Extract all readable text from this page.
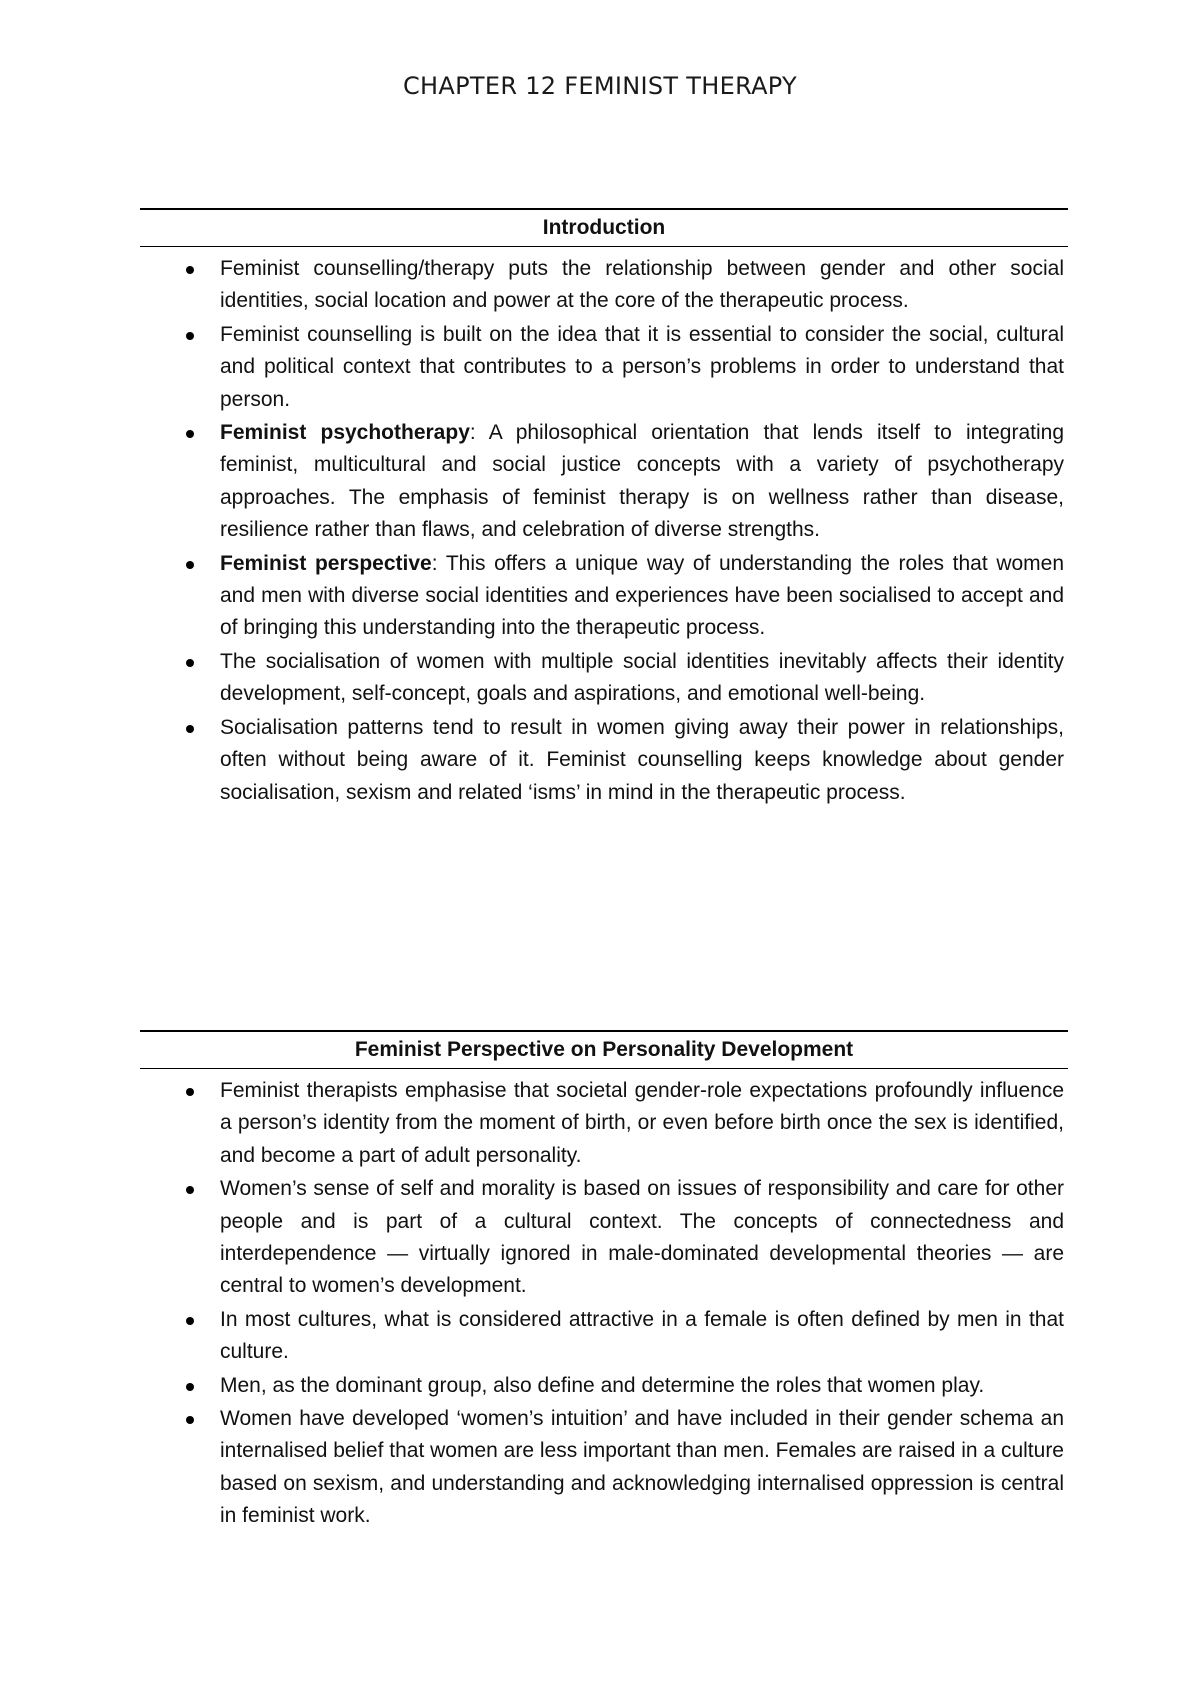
CHAPTER 12 FEMINIST THERAPY
Introduction
Feminist counselling/therapy puts the relationship between gender and other social identities, social location and power at the core of the therapeutic process.
Feminist counselling is built on the idea that it is essential to consider the social, cultural and political context that contributes to a person’s problems in order to understand that person.
Feminist psychotherapy: A philosophical orientation that lends itself to integrating feminist, multicultural and social justice concepts with a variety of psychotherapy approaches. The emphasis of feminist therapy is on wellness rather than disease, resilience rather than flaws, and celebration of diverse strengths.
Feminist perspective: This offers a unique way of understanding the roles that women and men with diverse social identities and experiences have been socialised to accept and of bringing this understanding into the therapeutic process.
The socialisation of women with multiple social identities inevitably affects their identity development, self-concept, goals and aspirations, and emotional well-being.
Socialisation patterns tend to result in women giving away their power in relationships, often without being aware of it. Feminist counselling keeps knowledge about gender socialisation, sexism and related ‘isms’ in mind in the therapeutic process.
Feminist Perspective on Personality Development
Feminist therapists emphasise that societal gender-role expectations profoundly influence a person’s identity from the moment of birth, or even before birth once the sex is identified, and become a part of adult personality.
Women’s sense of self and morality is based on issues of responsibility and care for other people and is part of a cultural context. The concepts of connectedness and interdependence — virtually ignored in male-dominated developmental theories — are central to women’s development.
In most cultures, what is considered attractive in a female is often defined by men in that culture.
Men, as the dominant group, also define and determine the roles that women play.
Women have developed ‘women’s intuition’ and have included in their gender schema an internalised belief that women are less important than men. Females are raised in a culture based on sexism, and understanding and acknowledging internalised oppression is central in feminist work.
